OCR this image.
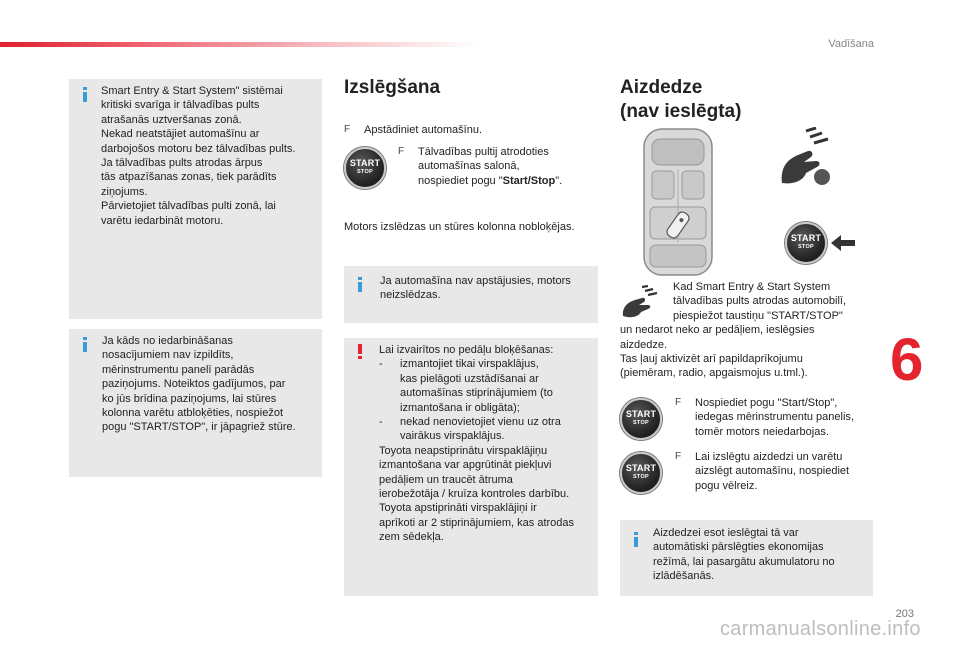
Vadīšana

Smart Entry & Start System" sistēmai
kritiski svarīga ir tālvadības pults
atrašanās uztveršanas zonā.
Nekad neatstājiet automašīnu ar
darbojošos motoru bez tālvadības pults.
Ja tālvadības pults atrodas ārpus
tās atpazīšanas zonas, tiek parādīts
ziņojums.
Pārvietojiet tālvadības pulti zonā, lai
varētu iedarbināt motoru.

Ja kāds no iedarbināšanas
nosacījumiem nav izpildīts,
mērinstrumentu panelī parādās
paziņojums. Noteiktos gadījumos, par
ko jūs brīdina paziņojums, lai stūres
kolonna varētu atbloķēties, nospiežot
pogu "START/STOP", ir jāpagriež stūre.

Izslēgšana
F	Apstādiniet automašīnu.
START
STOP
F	Tālvadības pultij atrodoties
automašīnas salonā,
nospiediet pogu "Start/Stop".

Motors izslēdzas un stūres kolonna nobloķējas.

Ja automašīna nav apstājusies, motors
neizslēdzas.

Lai izvairītos no pedāļu bloķēšanas:

-	izmantojiet tikai virspaklājus,
kas pielāgoti uzstādīšanai ar
automašīnas stiprinājumiem (to
izmantošana ir obligāta);

-	nekad nenovietojiet vienu uz otra
vairākus virspaklājus.

Toyota neapstiprinātu virspaklājiņu
izmantošana var apgrūtināt piekļuvi
pedāļiem un traucēt ātruma
ierobežotāja / kruīza kontroles darbību.
Toyota apstiprināti virspaklājiņi ir
aprīkoti ar 2 stiprinājumiem, kas atrodas
zem sēdekļa.

Aizdedze
(nav ieslēgta)
START
STOP

Kad Smart Entry & Start System
tālvadības pults atrodas automobilī,
piespiežot taustiņu "START/STOP"

un nedarot neko ar pedāļiem, ieslēgsies
aizdedze.
Tas ļauj aktivizēt arī papildaprīkojumu
(piemēram, radio, apgaismojus u.tml.).

START
STOP
F	Nospiediet pogu "Start/Stop",
iedegas mērinstrumentu panelis,
tomēr motors neiedarbojas.
START
STOP
F	Lai izslēgtu aizdedzi un varētu
aizslēgt automašīnu, nospiediet
pogu vēlreiz.

Aizdedzei esot ieslēgtai tā var
automātiski pārslēgties ekonomijas
režīmā, lai pasargātu akumulatoru no
izlādēšanās.

6
203
carmanualsonline.info
